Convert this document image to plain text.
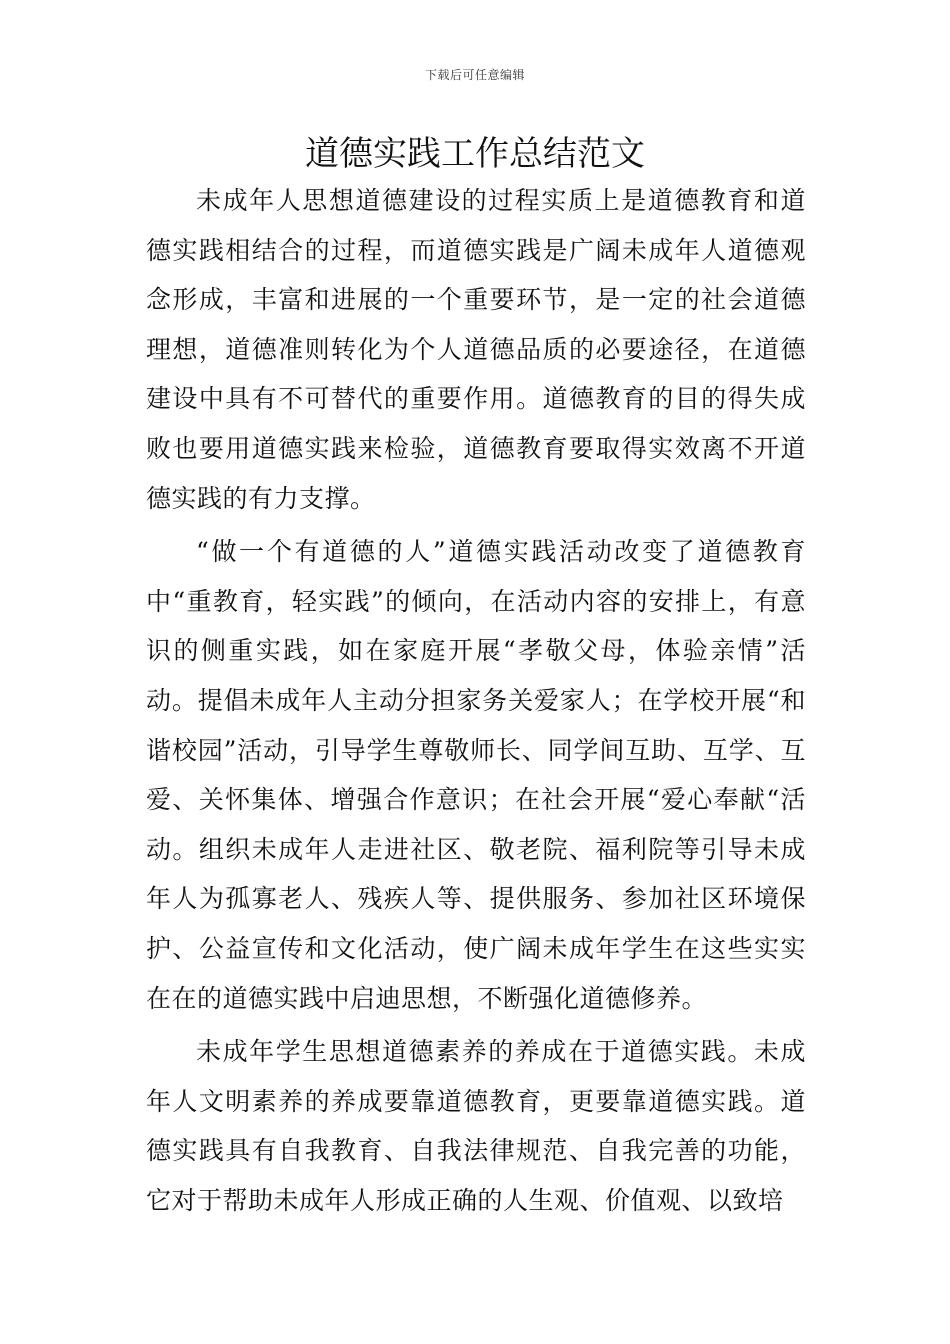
下载后可任意编辑
道德实践工作总结范文

未成年人思想道德建设的过程实质上是道德教育和道德实践相结合的过程，而道德实践是广阔未成年人道德观念形成，丰富和进展的一个重要环节，是一定的社会道德理想，道德准则转化为个人道德品质的必要途径，在道德建设中具有不可替代的重要作用。道德教育的目的得失成败也要用道德实践来检验，道德教育要取得实效离不开道德实践的有力支撑。

“做一个有道德的人”道德实践活动改变了道德教育中“重教育，轻实践”的倾向，在活动内容的安排上，有意识的侧重实践，如在家庭开展“孝敬父母，体验亲情”活动。提倡未成年人主动分担家务关爱家人；在学校开展“和谐校园”活动，引导学生尊敬师长、同学间互助、互学、互爱、关怀集体、增强合作意识；在社会开展“爱心奉献“活动。组织未成年人走进社区、敬老院、福利院等引导未成年人为孤寡老人、残疾人等、提供服务、参加社区环境保护、公益宣传和文化活动，使广阔未成年学生在这些实实在在的道德实践中启迪思想，不断强化道德修养。

未成年学生思想道德素养的养成在于道德实践。未成年人文明素养的养成要靠道德教育，更要靠道德实践。道德实践具有自我教育、自我法律规范、自我完善的功能，它对于帮助未成年人形成正确的人生观、价值观、以致培
